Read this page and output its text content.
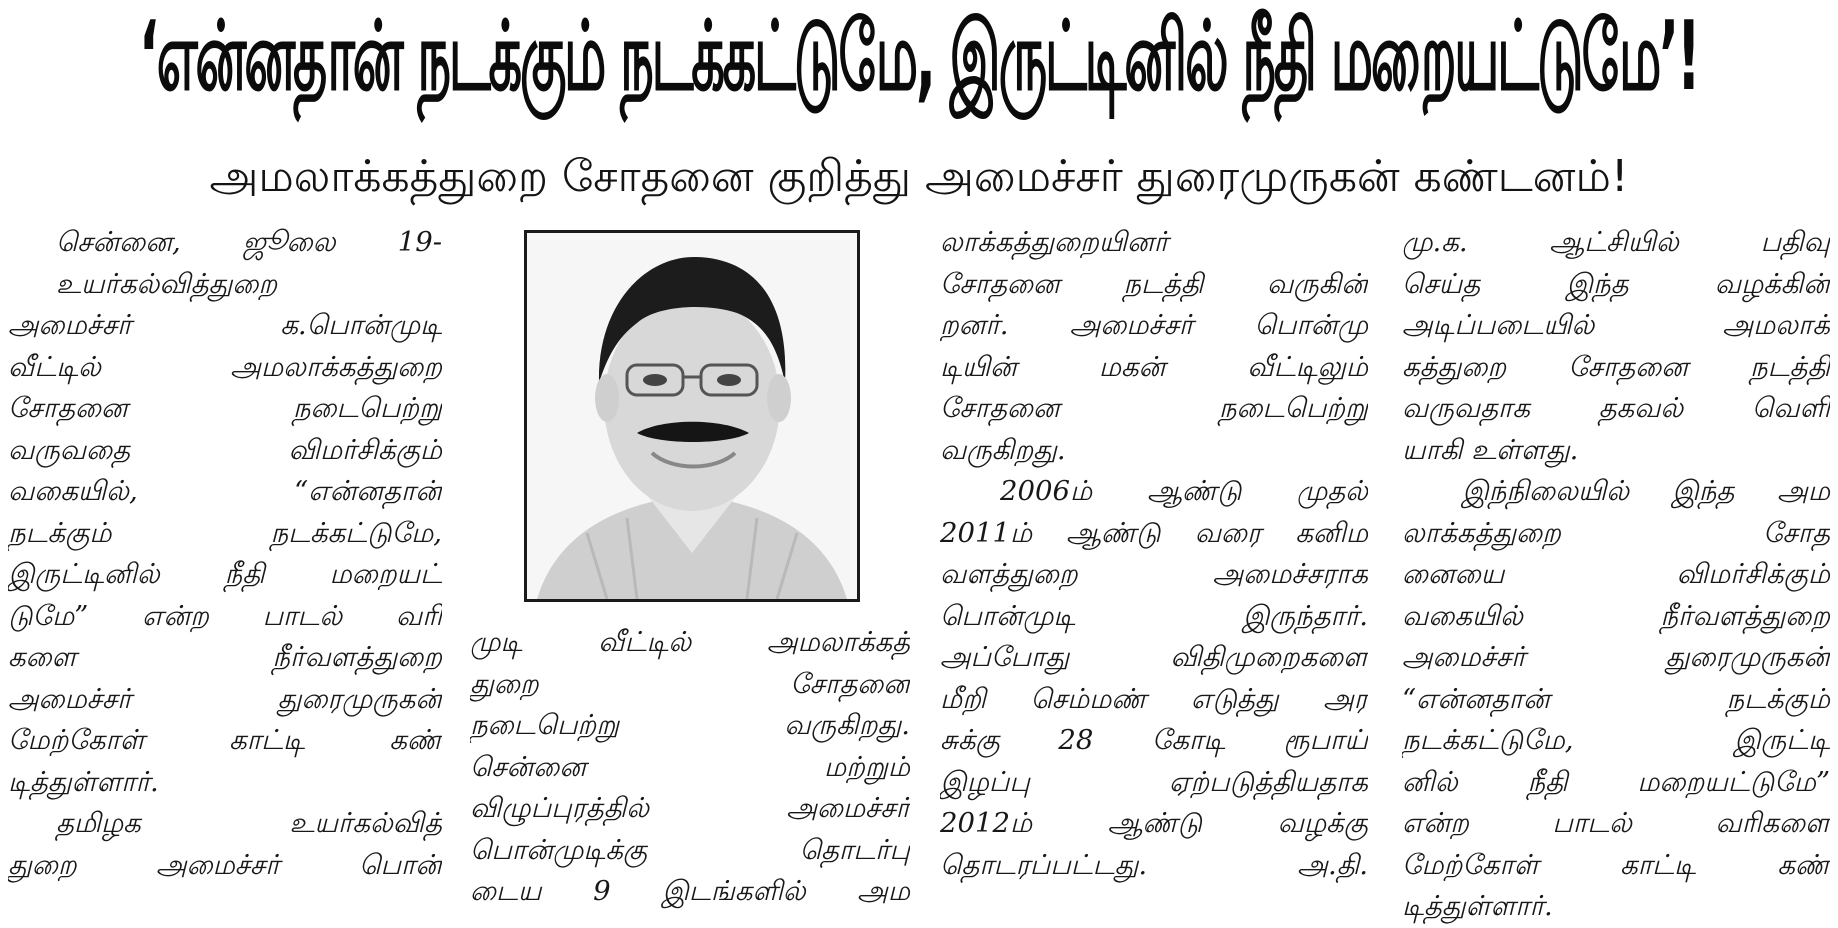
‘என்னதான் நடக்கும் நடக்கட்டுமே, இருட்டினில் நீதி மறையட்டுமே’!
அமலாக்கத்துறை சோதனை குறித்து அமைச்சர் துரைமுருகன் கண்டனம்!
சென்னை, ஜூலை 19-
உயர்கல்வித்துறை
அமைச்சர் க.பொன்முடி
வீட்டில் அமலாக்கத்துறை
சோதனை நடைபெற்று
வருவதை விமர்சிக்கும்
வகையில், “என்னதான்
நடக்கும் நடக்கட்டுமே,
இருட்டினில் நீதி மறையட்
டுமே” என்ற பாடல் வரி
களை நீர்வளத்துறை
அமைச்சர் துரைமுருகன்
மேற்கோள் காட்டி கண்
டித்துள்ளார்.
தமிழக உயர்கல்வித்
துறை அமைச்சர் பொன்
முடி வீட்டில் அமலாக்கத்
துறை சோதனை
நடைபெற்று வருகிறது.
சென்னை மற்றும்
விழுப்புரத்தில் அமைச்சர்
பொன்முடிக்கு தொடர்பு
டைய 9 இடங்களில் அம
லாக்கத்துறையினர்
சோதனை நடத்தி வருகின்
றனர். அமைச்சர் பொன்மு
டியின் மகன் வீட்டிலும்
சோதனை நடைபெற்று
வருகிறது.
2006ம் ஆண்டு முதல்
2011ம் ஆண்டு வரை கனிம
வளத்துறை அமைச்சராக
பொன்முடி இருந்தார்.
அப்போது விதிமுறைகளை
மீறி செம்மண் எடுத்து அர
சுக்கு 28 கோடி ரூபாய்
இழப்பு ஏற்படுத்தியதாக
2012ம் ஆண்டு வழக்கு
தொடரப்பட்டது. அ.தி.
மு.க. ஆட்சியில் பதிவு
செய்த இந்த வழக்கின்
அடிப்படையில் அமலாக்
கத்துறை சோதனை நடத்தி
வருவதாக தகவல் வெளி
யாகி உள்ளது.
இந்நிலையில் இந்த அம
லாக்கத்துறை சோத
னையை விமர்சிக்கும்
வகையில் நீர்வளத்துறை
அமைச்சர் துரைமுருகன்
“என்னதான் நடக்கும்
நடக்கட்டுமே, இருட்டி
னில் நீதி மறையட்டுமே”
என்ற பாடல் வரிகளை
மேற்கோள் காட்டி கண்
டித்துள்ளார்.
